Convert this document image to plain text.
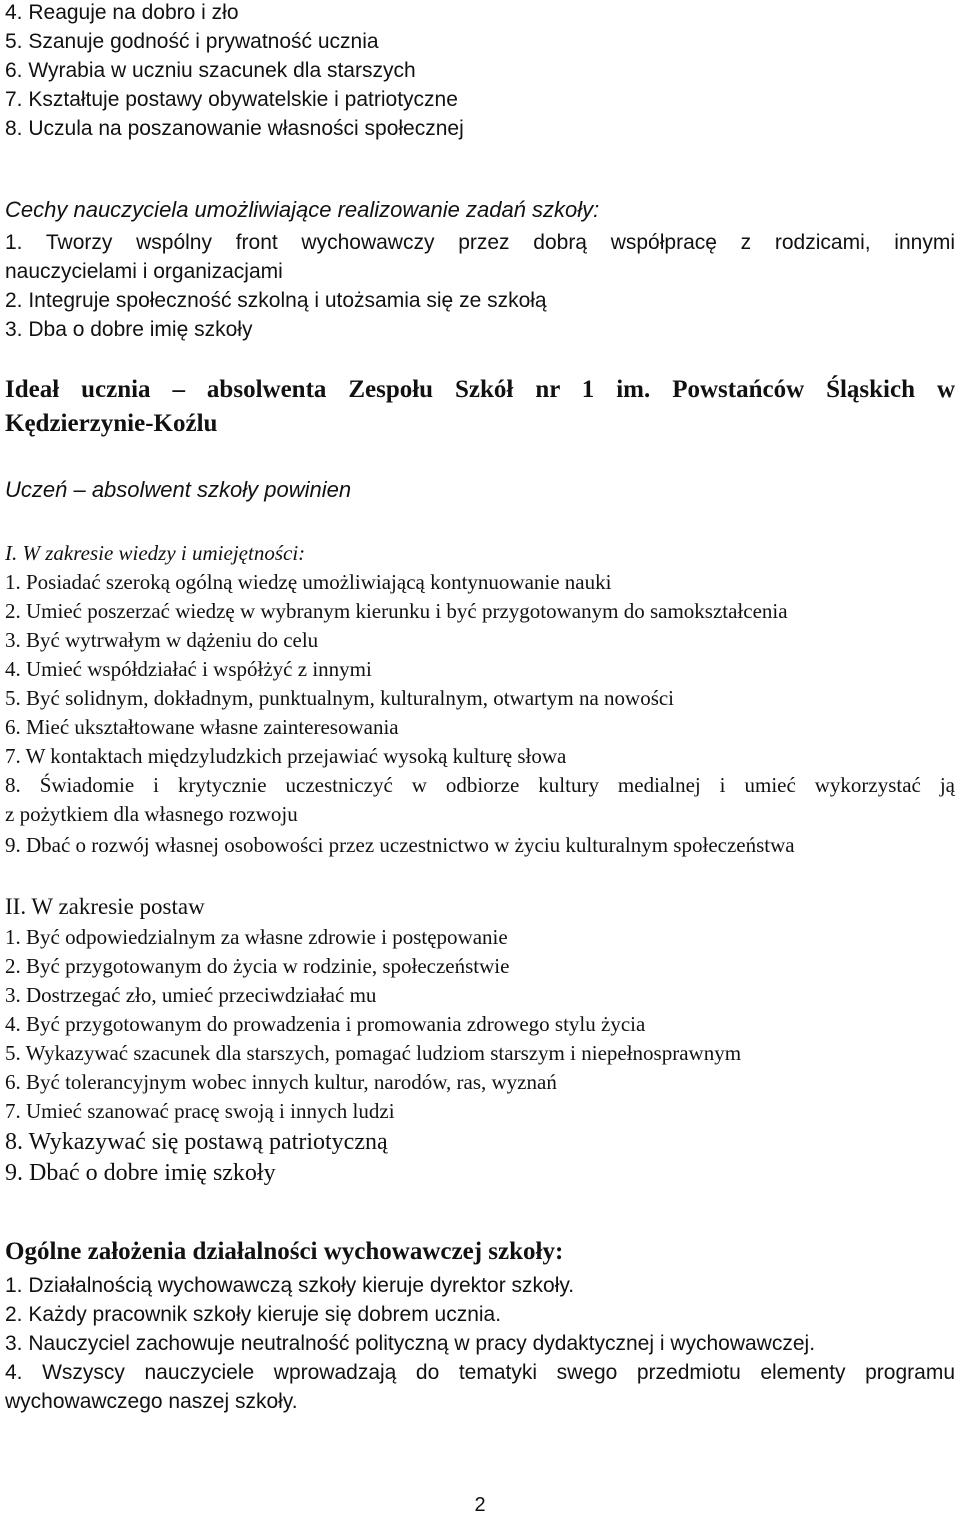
4. Reaguje na dobro i zło
5. Szanuje godność i prywatność ucznia
6. Wyrabia w uczniu szacunek dla starszych
7. Kształtuje postawy obywatelskie i patriotyczne
8. Uczula na poszanowanie własności społecznej
Cechy nauczyciela umożliwiające realizowanie zadań szkoły:
1. Tworzy wspólny front wychowawczy przez dobrą współpracę z rodzicami, innymi
nauczycielami i organizacjami
2. Integruje społeczność szkolną i utożsamia się ze szkołą
3. Dba o dobre imię szkoły
Ideał ucznia – absolwenta Zespołu Szkół nr 1 im. Powstańców Śląskich w
Kędzierzynie-Koźlu
Uczeń – absolwent szkoły powinien
I. W zakresie wiedzy i umiejętności:
1. Posiadać szeroką ogólną wiedzę umożliwiającą kontynuowanie nauki
2. Umieć poszerzać wiedzę w wybranym kierunku i być przygotowanym do samokształcenia
3. Być wytrwałym w dążeniu do celu
4. Umieć współdziałać i współżyć z innymi
5. Być solidnym, dokładnym, punktualnym, kulturalnym, otwartym na nowości
6. Mieć ukształtowane własne zainteresowania
7. W kontaktach międzyludzkich przejawiać wysoką kulturę słowa
8. Świadomie i krytycznie uczestniczyć w odbiorze kultury medialnej i umieć wykorzystać ją
z pożytkiem dla własnego rozwoju
9. Dbać o rozwój własnej osobowości przez uczestnictwo w życiu kulturalnym społeczeństwa
II. W zakresie postaw
1. Być odpowiedzialnym za własne zdrowie i postępowanie
2. Być przygotowanym do życia w rodzinie, społeczeństwie
3. Dostrzegać zło, umieć przeciwdziałać mu
4. Być przygotowanym do prowadzenia i promowania zdrowego stylu życia
5. Wykazywać szacunek dla starszych, pomagać ludziom starszym i niepełnosprawnym
6. Być tolerancyjnym wobec innych kultur, narodów, ras, wyznań
7. Umieć szanować pracę swoją i innych ludzi
8. Wykazywać się postawą patriotyczną
9. Dbać o dobre imię szkoły
Ogólne założenia działalności wychowawczej szkoły:
1. Działalnością wychowawczą szkoły kieruje dyrektor szkoły.
2. Każdy pracownik szkoły kieruje się dobrem ucznia.
3. Nauczyciel zachowuje neutralność polityczną w pracy dydaktycznej i wychowawczej.
4. Wszyscy nauczyciele wprowadzają do tematyki swego przedmiotu elementy programu
wychowawczego naszej szkoły.
2
